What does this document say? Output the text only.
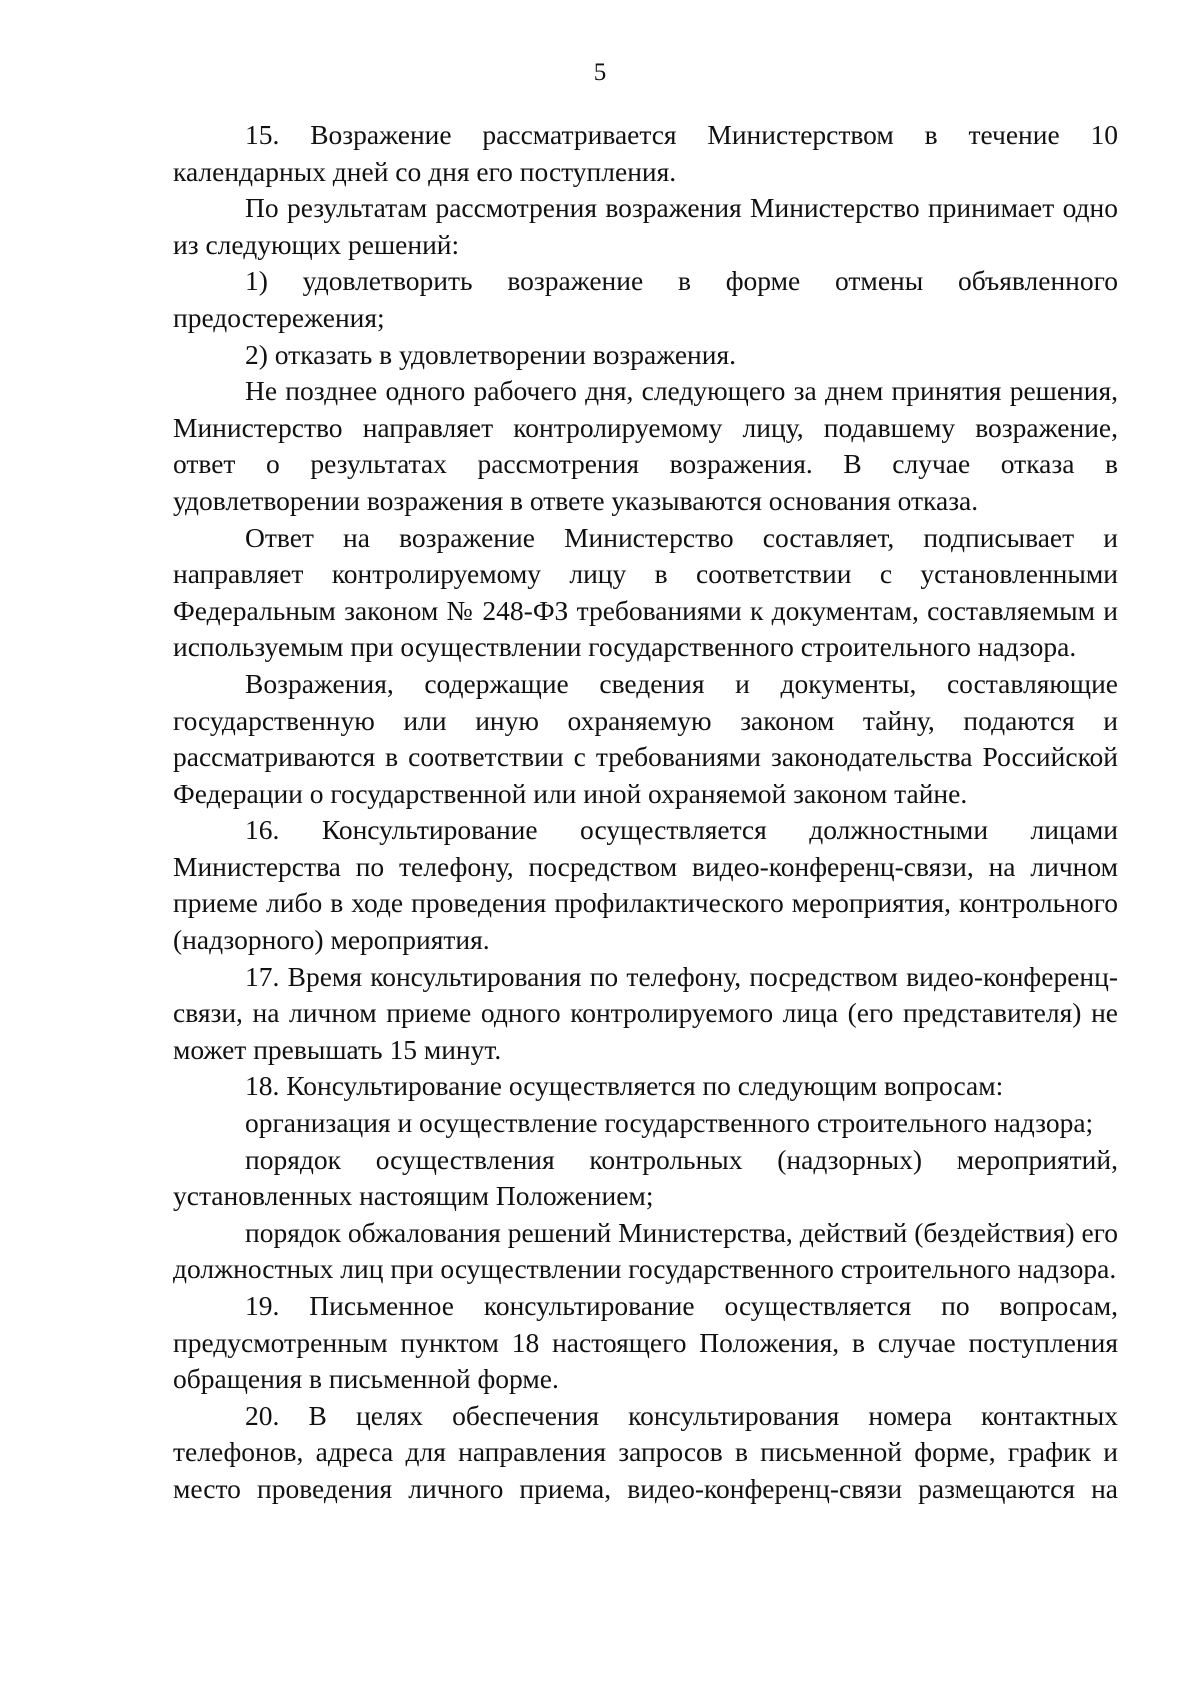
5

15. Возражение рассматривается Министерством в течение 10 календарных дней со дня его поступления.

По результатам рассмотрения возражения Министерство принимает одно из следующих решений:

1) удовлетворить возражение в форме отмены объявленного предостережения;

2) отказать в удовлетворении возражения.

Не позднее одного рабочего дня, следующего за днем принятия решения, Министерство направляет контролируемому лицу, подавшему возражение, ответ о результатах рассмотрения возражения. В случае отказа в удовлетворении возражения в ответе указываются основания отказа.

Ответ на возражение Министерство составляет, подписывает и направляет контролируемому лицу в соответствии с установленными Федеральным законом № 248-ФЗ требованиями к документам, составляемым и используемым при осуществлении государственного строительного надзора.

Возражения, содержащие сведения и документы, составляющие государственную или иную охраняемую законом тайну, подаются и рассматриваются в соответствии с требованиями законодательства Российской Федерации о государственной или иной охраняемой законом тайне.

16. Консультирование осуществляется должностными лицами Министерства по телефону, посредством видео-конференц-связи, на личном приеме либо в ходе проведения профилактического мероприятия, контрольного (надзорного) мероприятия.

17. Время консультирования по телефону, посредством видео-конференц-связи, на личном приеме одного контролируемого лица (его представителя) не может превышать 15 минут.

18. Консультирование осуществляется по следующим вопросам:

организация и осуществление государственного строительного надзора;

порядок осуществления контрольных (надзорных) мероприятий, установленных настоящим Положением;

порядок обжалования решений Министерства, действий (бездействия) его должностных лиц при осуществлении государственного строительного надзора.

19. Письменное консультирование осуществляется по вопросам, предусмотренным пунктом 18 настоящего Положения, в случае поступления обращения в письменной форме.

20. В целях обеспечения консультирования номера контактных телефонов, адреса для направления запросов в письменной форме, график и место проведения личного приема, видео-конференц-связи размещаются на
